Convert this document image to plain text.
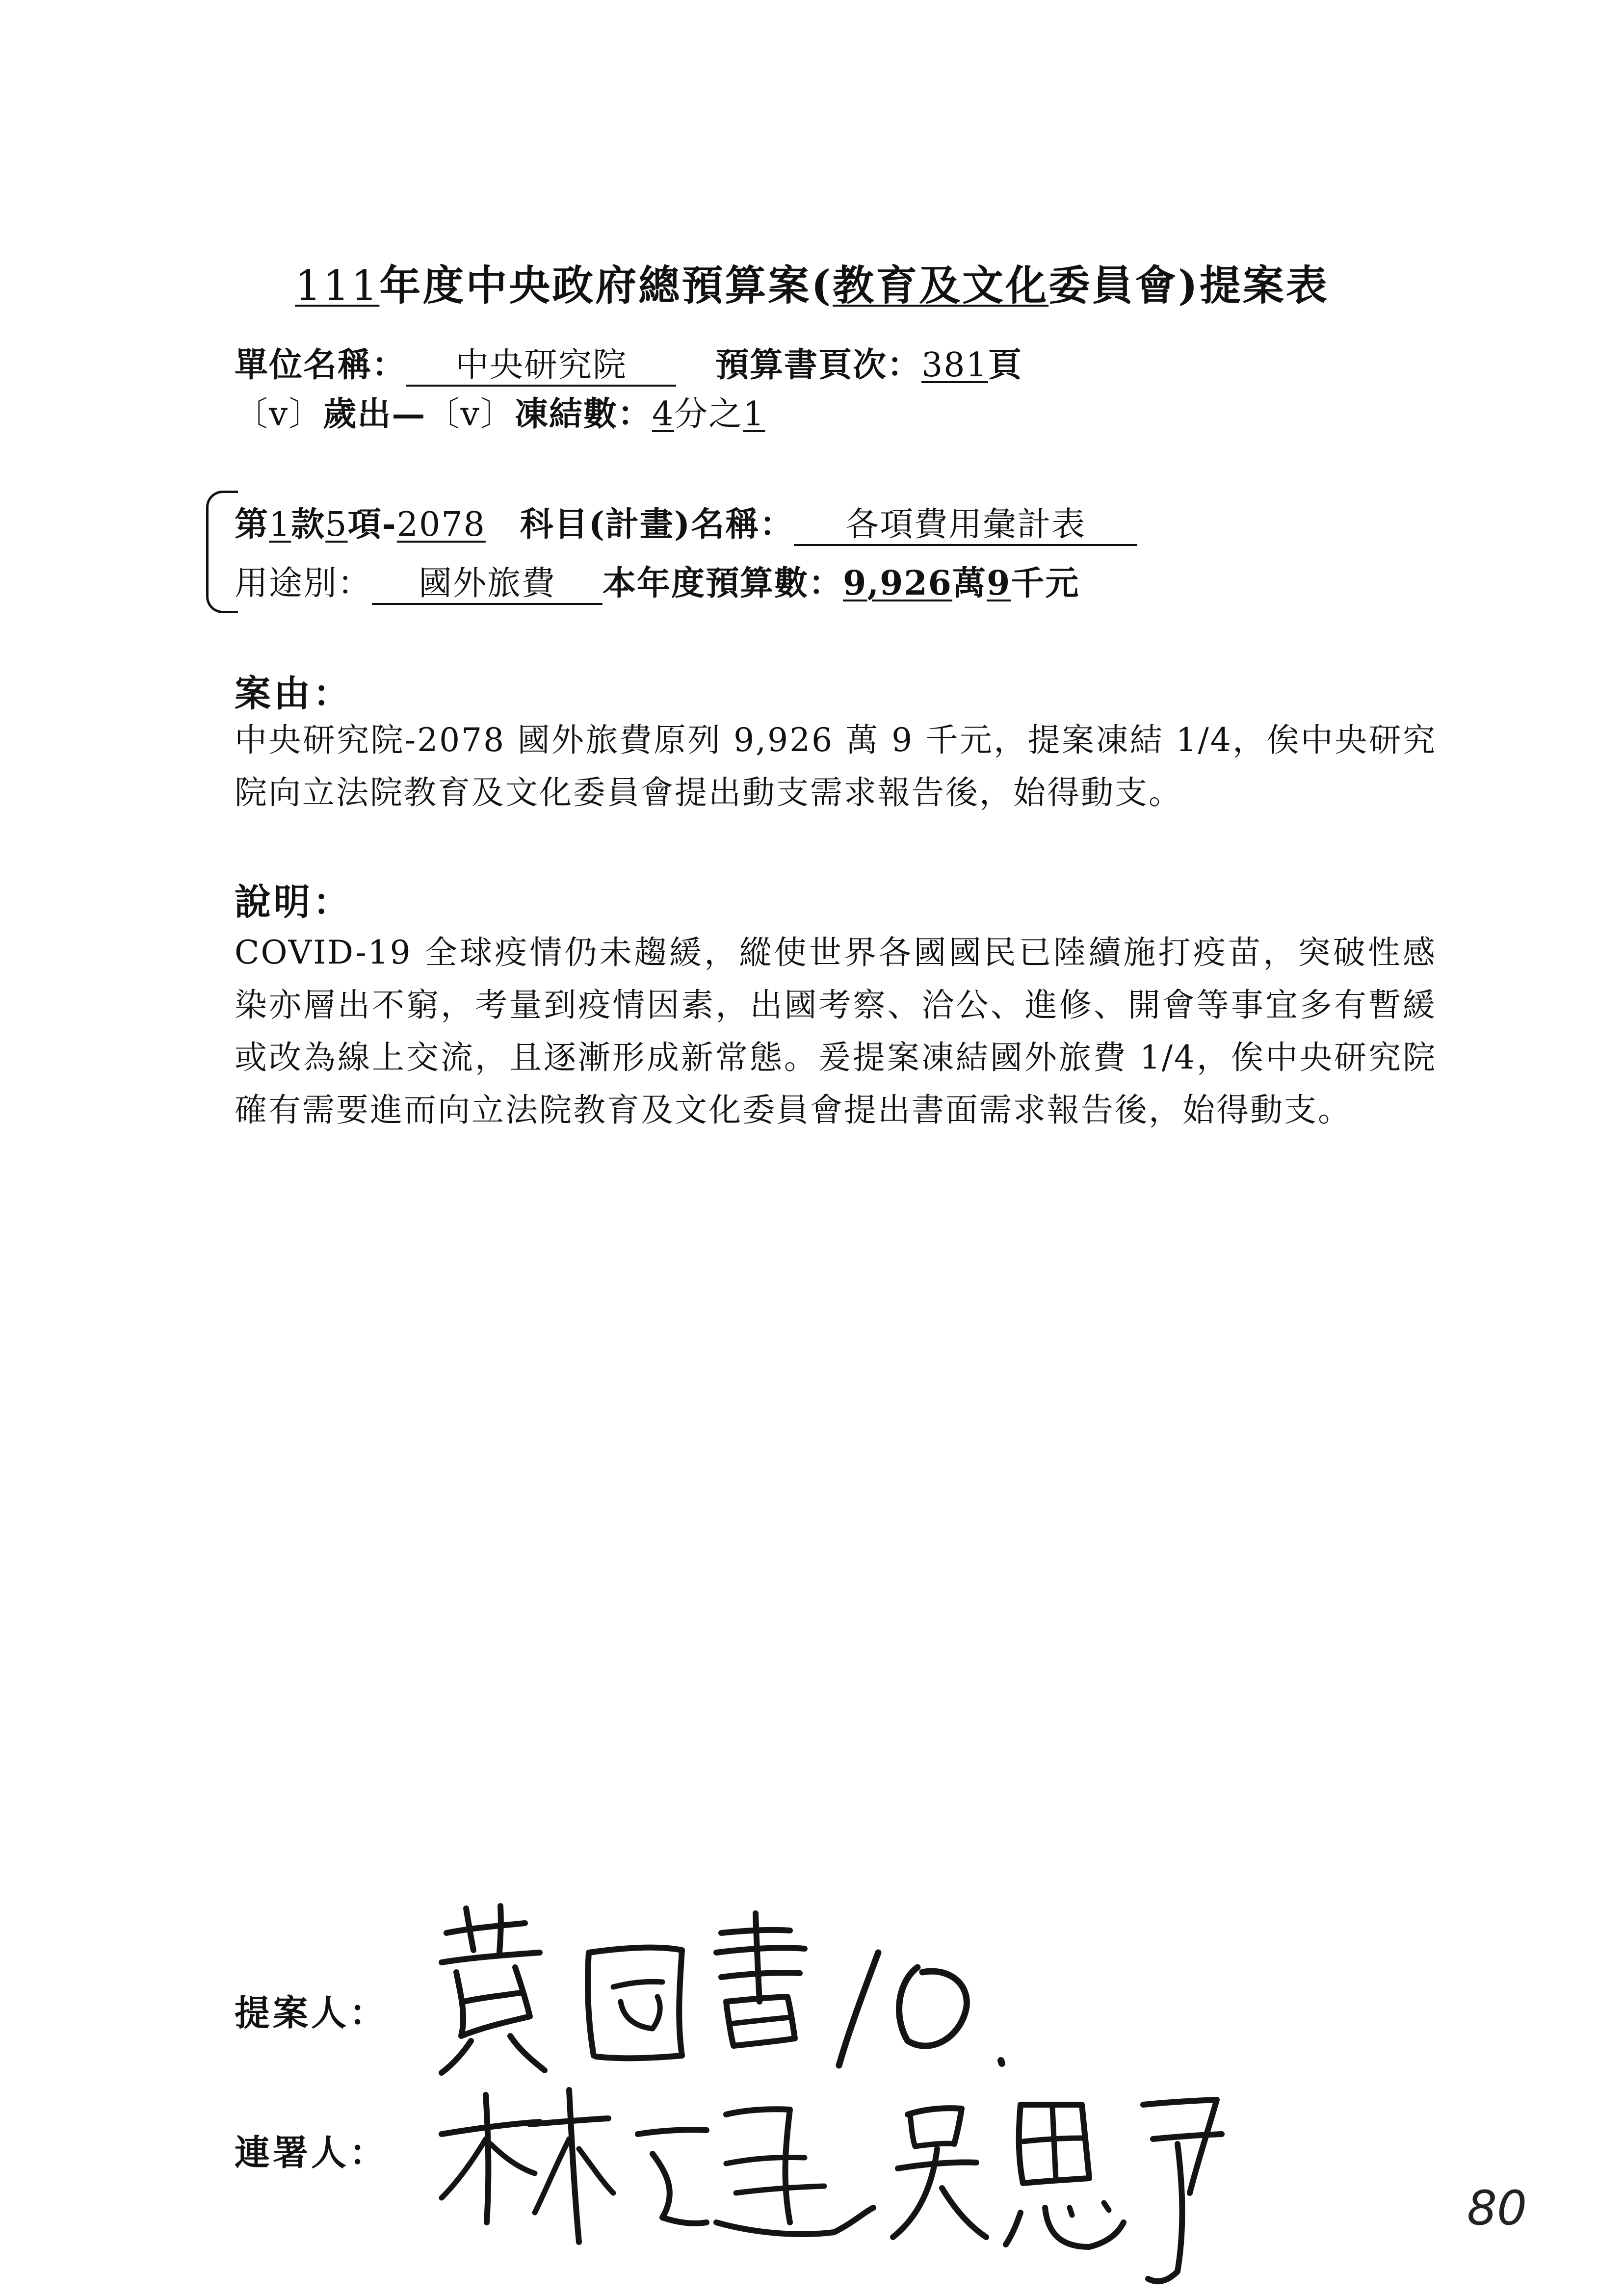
111年度中央政府總預算案(教育及文化委員會)提案表
單位名稱： 中央研究院	預算書頁次：381頁
〔v〕歲出—〔v〕凍結數：4分之1
第1款5項-2078 科目(計畫)名稱： 各項費用彙計表
用途別： 國外旅費 本年度預算數：9,926萬9千元
案由：

中央研究院-2078 國外旅費原列 9,926 萬 9 千元，提案凍結 1/4，俟中央研究院向立法院教育及文化委員會提出動支需求報告後，始得動支。

說明：

COVID-19 全球疫情仍未趨緩，縱使世界各國國民已陸續施打疫苗，突破性感染亦層出不窮，考量到疫情因素，出國考察、洽公、進修、開會等事宜多有暫緩或改為線上交流，且逐漸形成新常態。爰提案凍結國外旅費 1/4，俟中央研究院確有需要進而向立法院教育及文化委員會提出書面需求報告後，始得動支。

提案人：
連署人：
80
